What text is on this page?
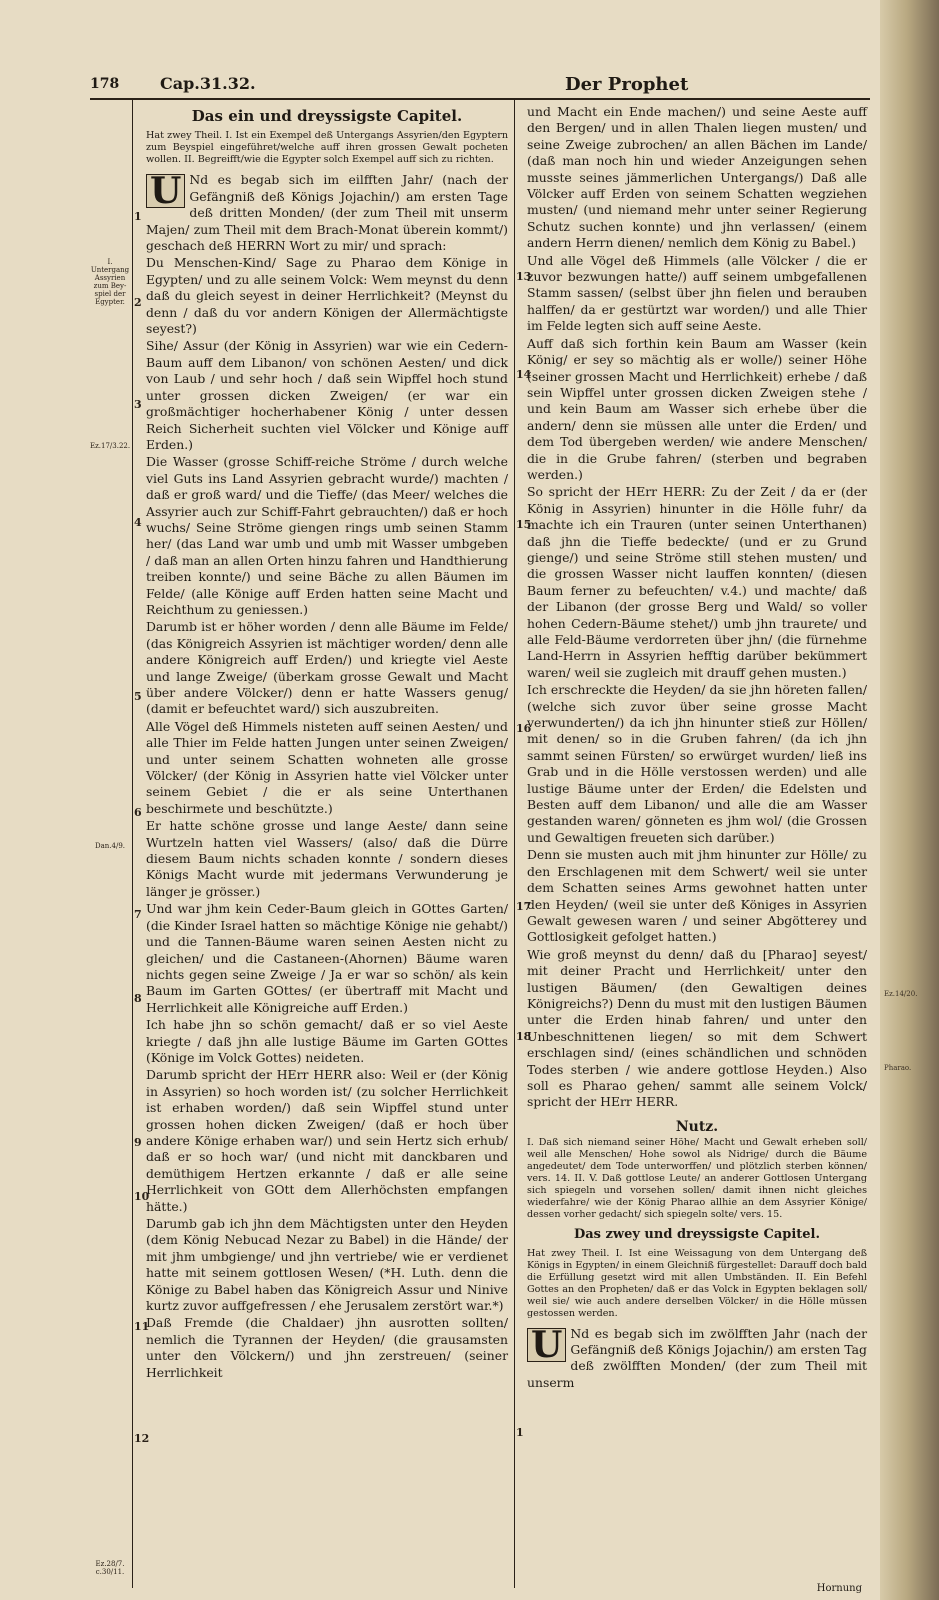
178	Cap.31.32.	Der Prophet
I. Untergang Assyrien zum Bey-spiel der Egypter.
Ez.17/3.22.
Dan.4/9.
Ez.28/7. c.30/11.
1
2
3
4
5
6
7
8
9
10
11
12
Das ein und dreyssigste Capitel.
Hat zwey Theil. I. Ist ein Exempel deß Untergangs Assyrien/den Egyptern zum Beyspiel eingeführet/welche auff ihren grossen Gewalt pocheten wollen. II. Begreifft/wie die Egypter solch Exempel auff sich zu richten.
U Nd es begab sich im eilfften Jahr/ (nach der Gefängniß deß Königs Jojachin/) am ersten Tage deß dritten Monden/ (der zum Theil mit unserm Majen/ zum Theil mit dem Brach-Monat überein kommt/) geschach deß HERRN Wort zu mir/ und sprach:
Du Menschen-Kind/ Sage zu Pharao dem Könige in Egypten/ und zu alle seinem Volck: Wem meynst du denn daß du gleich seyest in deiner Herrlichkeit? (Meynst du denn / daß du vor andern Königen der Allermächtigste seyest?)
Sihe/ Assur (der König in Assyrien) war wie ein Cedern-Baum auff dem Libanon/ von schönen Aesten/ und dick von Laub / und sehr hoch / daß sein Wipffel hoch stund unter grossen dicken Zweigen/ (er war ein großmächtiger hocherhabener König / unter dessen Reich Sicherheit suchten viel Völcker und Könige auff Erden.)
Die Wasser (grosse Schiff-reiche Ströme / durch welche viel Guts ins Land Assyrien gebracht wurde/) machten / daß er groß ward/ und die Tieffe/ (das Meer/ welches die Assyrier auch zur Schiff-Fahrt gebrauchten/) daß er hoch wuchs/ Seine Ströme giengen rings umb seinen Stamm her/ (das Land war umb und umb mit Wasser umbgeben / daß man an allen Orten hinzu fahren und Handthierung treiben konnte/) und seine Bäche zu allen Bäumen im Felde/ (alle Könige auff Erden hatten seine Macht und Reichthum zu geniessen.)
Darumb ist er höher worden / denn alle Bäume im Felde/ (das Königreich Assyrien ist mächtiger worden/ denn alle andere Königreich auff Erden/) und kriegte viel Aeste und lange Zweige/ (überkam grosse Gewalt und Macht über andere Völcker/) denn er hatte Wassers genug/ (damit er befeuchtet ward/) sich auszubreiten.
Alle Vögel deß Himmels nisteten auff seinen Aesten/ und alle Thier im Felde hatten Jungen unter seinen Zweigen/ und unter seinem Schatten wohneten alle grosse Völcker/ (der König in Assyrien hatte viel Völcker unter seinem Gebiet / die er als seine Unterthanen beschirmete und beschützte.)
Er hatte schöne grosse und lange Aeste/ dann seine Wurtzeln hatten viel Wassers/ (also/ daß die Dürre diesem Baum nichts schaden konnte / sondern dieses Königs Macht wurde mit jedermans Verwunderung je länger je grösser.)
Und war jhm kein Ceder-Baum gleich in GOttes Garten/ (die Kinder Israel hatten so mächtige Könige nie gehabt/) und die Tannen-Bäume waren seinen Aesten nicht zu gleichen/ und die Castaneen-(Ahornen) Bäume waren nichts gegen seine Zweige / Ja er war so schön/ als kein Baum im Garten GOttes/ (er übertraff mit Macht und Herrlichkeit alle Königreiche auff Erden.)
Ich habe jhn so schön gemacht/ daß er so viel Aeste kriegte / daß jhn alle lustige Bäume im Garten GOttes (Könige im Volck Gottes) neideten.
Darumb spricht der HErr HERR also: Weil er (der König in Assyrien) so hoch worden ist/ (zu solcher Herrlichkeit ist erhaben worden/) daß sein Wipffel stund unter grossen hohen dicken Zweigen/ (daß er hoch über andere Könige erhaben war/) und sein Hertz sich erhub/ daß er so hoch war/ (und nicht mit danckbaren und demüthigem Hertzen erkannte / daß er alle seine Herrlichkeit von GOtt dem Allerhöchsten empfangen hätte.)
Darumb gab ich jhn dem Mächtigsten unter den Heyden (dem König Nebucad Nezar zu Babel) in die Hände/ der mit jhm umbgienge/ und jhn vertriebe/ wie er verdienet hatte mit seinem gottlosen Wesen/ (*H. Luth. denn die Könige zu Babel haben das Königreich Assur und Ninive kurtz zuvor auffgefressen / ehe Jerusalem zerstört war.*)
Daß Fremde (die Chaldaer) jhn ausrotten sollten/ nemlich die Tyrannen der Heyden/ (die grausamsten unter den Völckern/) und jhn zerstreuen/ (seiner Herrlichkeit
13
14
15
16
17
18
1
und Macht ein Ende machen/) und seine Aeste auff den Bergen/ und in allen Thalen liegen musten/ und seine Zweige zubrochen/ an allen Bächen im Lande/ (daß man noch hin und wieder Anzeigungen sehen musste seines jämmerlichen Untergangs/) Daß alle Völcker auff Erden von seinem Schatten wegziehen musten/ (und niemand mehr unter seiner Regierung Schutz suchen konnte) und jhn verlassen/ (einem andern Herrn dienen/ nemlich dem König zu Babel.)
Und alle Vögel deß Himmels (alle Völcker / die er zuvor bezwungen hatte/) auff seinem umbgefallenen Stamm sassen/ (selbst über jhn fielen und berauben halffen/ da er gestürtzt war worden/) und alle Thier im Felde legten sich auff seine Aeste.
Auff daß sich forthin kein Baum am Wasser (kein König/ er sey so mächtig als er wolle/) seiner Höhe (seiner grossen Macht und Herrlichkeit) erhebe / daß sein Wipffel unter grossen dicken Zweigen stehe / und kein Baum am Wasser sich erhebe über die andern/ denn sie müssen alle unter die Erden/ und dem Tod übergeben werden/ wie andere Menschen/ die in die Grube fahren/ (sterben und begraben werden.)
So spricht der HErr HERR: Zu der Zeit / da er (der König in Assyrien) hinunter in die Hölle fuhr/ da machte ich ein Trauren (unter seinen Unterthanen) daß jhn die Tieffe bedeckte/ (und er zu Grund gienge/) und seine Ströme still stehen musten/ und die grossen Wasser nicht lauffen konnten/ (diesen Baum ferner zu befeuchten/ v.4.) und machte/ daß der Libanon (der grosse Berg und Wald/ so voller hohen Cedern-Bäume stehet/) umb jhn traurete/ und alle Feld-Bäume verdorreten über jhn/ (die fürnehme Land-Herrn in Assyrien hefftig darüber bekümmert waren/ weil sie zugleich mit drauff gehen musten.)
Ich erschreckte die Heyden/ da sie jhn höreten fallen/ (welche sich zuvor über seine grosse Macht verwunderten/) da ich jhn hinunter stieß zur Höllen/ mit denen/ so in die Gruben fahren/ (da ich jhn sammt seinen Fürsten/ so erwürget wurden/ ließ ins Grab und in die Hölle verstossen werden) und alle lustige Bäume unter der Erden/ die Edelsten und Besten auff dem Libanon/ und alle die am Wasser gestanden waren/ gönneten es jhm wol/ (die Grossen und Gewaltigen freueten sich darüber.)
Denn sie musten auch mit jhm hinunter zur Hölle/ zu den Erschlagenen mit dem Schwert/ weil sie unter dem Schatten seines Arms gewohnet hatten unter den Heyden/ (weil sie unter deß Königes in Assyrien Gewalt gewesen waren / und seiner Abgötterey und Gottlosigkeit gefolget hatten.)
Wie groß meynst du denn/ daß du [Pharao] seyest/ mit deiner Pracht und Herrlichkeit/ unter den lustigen Bäumen/ (den Gewaltigen deines Königreichs?) Denn du must mit den lustigen Bäumen unter die Erden hinab fahren/ und unter den Unbeschnittenen liegen/ so mit dem Schwert erschlagen sind/ (eines schändlichen und schnöden Todes sterben / wie andere gottlose Heyden.) Also soll es Pharao gehen/ sammt alle seinem Volck/ spricht der HErr HERR.
Nutz.
I. Daß sich niemand seiner Höhe/ Macht und Gewalt erheben soll/ weil alle Menschen/ Hohe sowol als Nidrige/ durch die Bäume angedeutet/ dem Tode unterworffen/ und plötzlich sterben können/ vers. 14. II. V. Daß gottlose Leute/ an anderer Gottlosen Untergang sich spiegeln und vorsehen sollen/ damit ihnen nicht gleiches wiederfahre/ wie der König Pharao allhie an dem Assyrier Könige/ dessen vorher gedacht/ sich spiegeln solte/ vers. 15.
Das zwey und dreyssigste Capitel.
Hat zwey Theil. I. Ist eine Weissagung von dem Untergang deß Königs in Egypten/ in einem Gleichniß fürgestellet: Darauff doch bald die Erfüllung gesetzt wird mit allen Umbständen. II. Ein Befehl Gottes an den Propheten/ daß er das Volck in Egypten beklagen soll/ weil sie/ wie auch andere derselben Völcker/ in die Hölle müssen gestossen werden.
U Nd es begab sich im zwölfften Jahr (nach der Gefängniß deß Königs Jojachin/) am ersten Tag deß zwölfften Monden/ (der zum Theil mit unserm
Hornung
Ez.14/20.
Pharao.
